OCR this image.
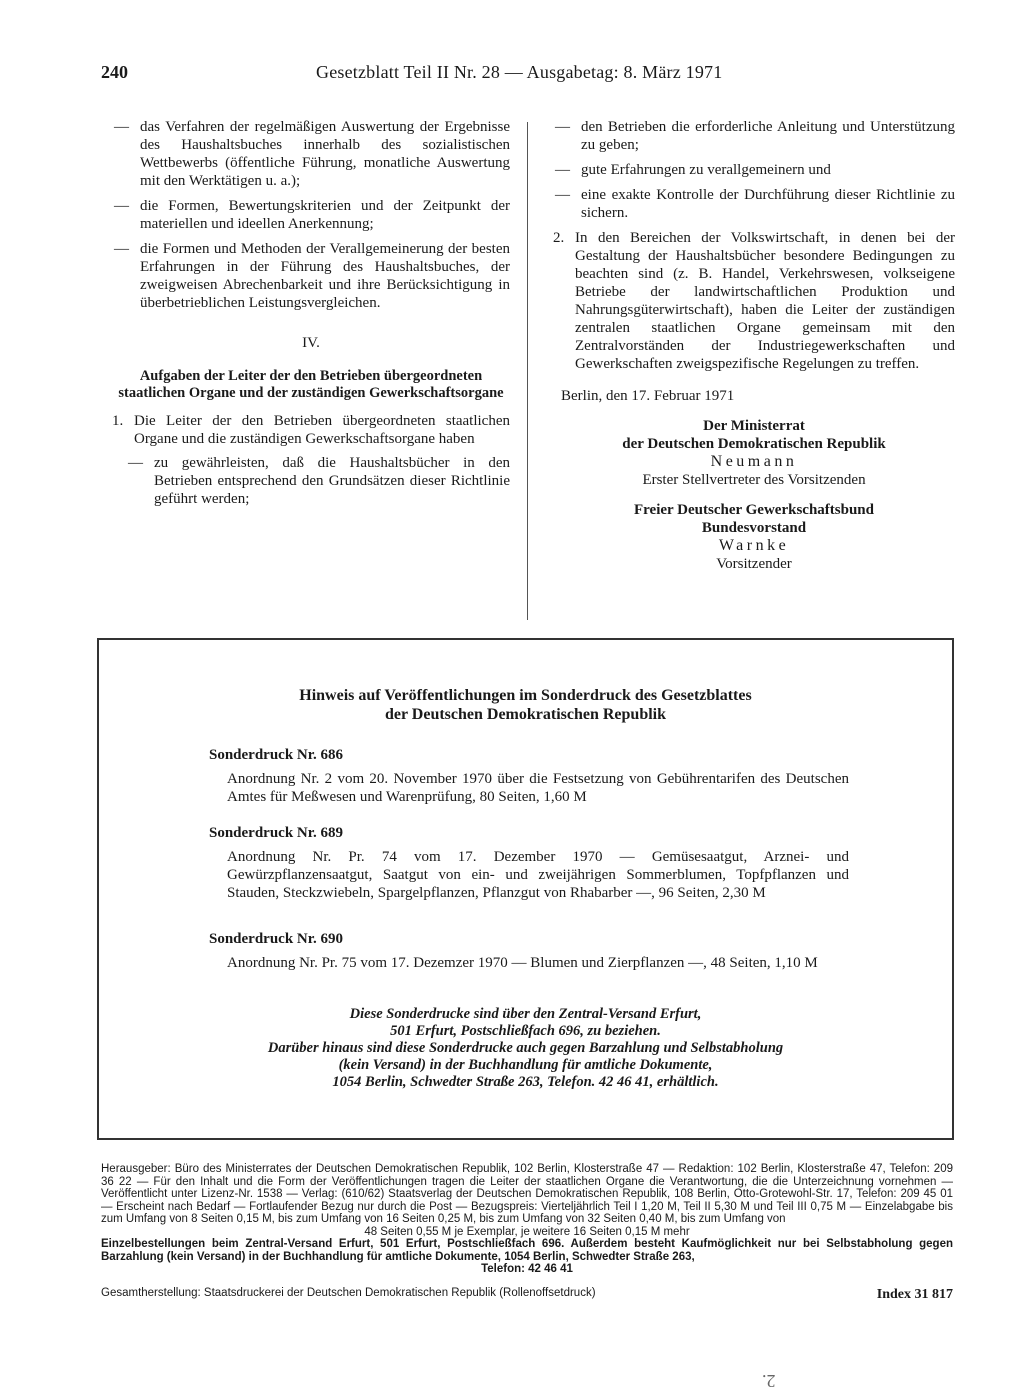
240	Gesetzblatt Teil II Nr. 28 — Ausgabetag: 8. März 1971
— das Verfahren der regelmäßigen Auswertung der Ergebnisse des Haushaltsbuches innerhalb des sozialistischen Wettbewerbs (öffentliche Führung, monatliche Auswertung mit den Werktätigen u. a.);
— die Formen, Bewertungskriterien und der Zeitpunkt der materiellen und ideellen Anerkennung;
— die Formen und Methoden der Verallgemeinerung der besten Erfahrungen in der Führung des Haushaltsbuches, der zweigweisen Abrechenbarkeit und ihre Berücksichtigung in überbetrieblichen Leistungsvergleichen.
IV.
Aufgaben der Leiter der den Betrieben übergeordneten staatlichen Organe und der zuständigen Gewerkschaftsorgane
1. Die Leiter der den Betrieben übergeordneten staatlichen Organe und die zuständigen Gewerkschaftsorgane haben
— zu gewährleisten, daß die Haushaltsbücher in den Betrieben entsprechend den Grundsätzen dieser Richtlinie geführt werden;
— den Betrieben die erforderliche Anleitung und Unterstützung zu geben;
— gute Erfahrungen zu verallgemeinern und
— eine exakte Kontrolle der Durchführung dieser Richtlinie zu sichern.
2. In den Bereichen der Volkswirtschaft, in denen bei der Gestaltung der Haushaltsbücher besondere Bedingungen zu beachten sind (z. B. Handel, Verkehrswesen, volkseigene Betriebe der landwirtschaftlichen Produktion und Nahrungsgüterwirtschaft), haben die Leiter der zuständigen zentralen staatlichen Organe gemeinsam mit den Zentralvorständen der Industriegewerkschaften und Gewerkschaften zweigspezifische Regelungen zu treffen.
Berlin, den 17. Februar 1971
Der Ministerrat
der Deutschen Demokratischen Republik
Neumann
Erster Stellvertreter des Vorsitzenden
Freier Deutscher Gewerkschaftsbund
Bundesvorstand
Warnke
Vorsitzender
Hinweis auf Veröffentlichungen im Sonderdruck des Gesetzblattes
der Deutschen Demokratischen Republik
Sonderdruck Nr. 686
Anordnung Nr. 2 vom 20. November 1970 über die Festsetzung von Gebührentarifen des Deutschen Amtes für Meßwesen und Warenprüfung, 80 Seiten, 1,60 M
Sonderdruck Nr. 689
Anordnung Nr. Pr. 74 vom 17. Dezember 1970 — Gemüsesaatgut, Arznei- und Gewürzpflanzensaatgut, Saatgut von ein- und zweijährigen Sommerblumen, Topfpflanzen und Stauden, Steckzwiebeln, Spargelpflanzen, Pflanzgut von Rhabarber —, 96 Seiten, 2,30 M
Sonderdruck Nr. 690
Anordnung Nr. Pr. 75 vom 17. Dezemzer 1970 — Blumen und Zierpflanzen —, 48 Seiten, 1,10 M
Diese Sonderdrucke sind über den Zentral-Versand Erfurt,
501 Erfurt, Postschließfach 696, zu beziehen.
Darüber hinaus sind diese Sonderdrucke auch gegen Barzahlung und Selbstabholung
(kein Versand) in der Buchhandlung für amtliche Dokumente,
1054 Berlin, Schwedter Straße 263, Telefon. 42 46 41, erhältlich.
Herausgeber: Büro des Ministerrates der Deutschen Demokratischen Republik, 102 Berlin, Klosterstraße 47 — Redaktion: 102 Berlin, Klosterstraße 47, Telefon: 209 36 22 — Für den Inhalt und die Form der Veröffentlichungen tragen die Leiter der staatlichen Organe die Verantwortung, die die Unterzeichnung vornehmen — Veröffentlicht unter Lizenz-Nr. 1538 — Verlag: (610/62) Staatsverlag der Deutschen Demokratischen Republik, 108 Berlin, Otto-Grotewohl-Str. 17, Telefon: 209 45 01 — Erscheint nach Bedarf — Fortlaufender Bezug nur durch die Post — Bezugspreis: Vierteljährlich Teil I 1,20 M, Teil II 5,30 M und Teil III 0,75 M — Einzelabgabe bis zum Umfang von 8 Seiten 0,15 M, bis zum Umfang von 16 Seiten 0,25 M, bis zum Umfang von 32 Seiten 0,40 M, bis zum Umfang von
48 Seiten 0,55 M je Exemplar, je weitere 16 Seiten 0,15 M mehr
Einzelbestellungen beim Zentral-Versand Erfurt, 501 Erfurt, Postschließfach 696. Außerdem besteht Kaufmöglichkeit nur bei Selbstabholung gegen Barzahlung (kein Versand) in der Buchhandlung für amtliche Dokumente, 1054 Berlin, Schwedter Straße 263,
Telefon: 42 46 41
Gesamtherstellung: Staatsdruckerei der Deutschen Demokratischen Republik (Rollenoffsetdruck)	Index 31 817
2.
